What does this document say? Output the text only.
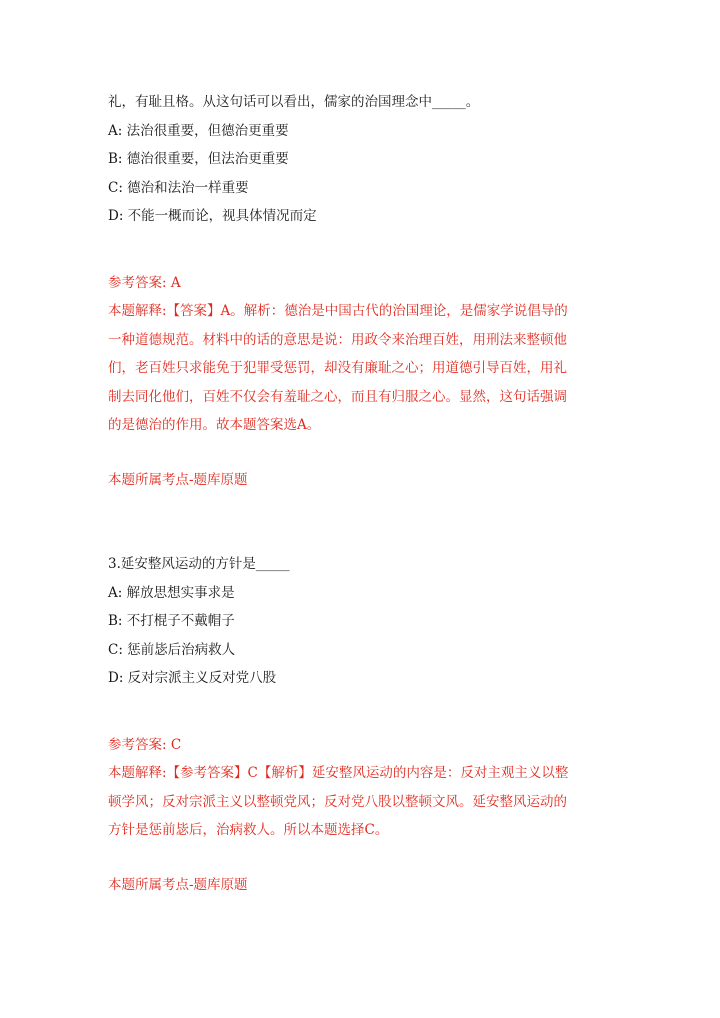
礼，有耻且格。从这句话可以看出，儒家的治国理念中_____。
A: 法治很重要，但德治更重要
B: 德治很重要，但法治更重要
C: 德治和法治一样重要
D: 不能一概而论，视具体情况而定
参考答案: A

本题解释:【答案】A。解析：德治是中国古代的治国理论，是儒家学说倡导的

一种道德规范。材料中的话的意思是说：用政令来治理百姓，用刑法来整顿他

们，老百姓只求能免于犯罪受惩罚，却没有廉耻之心；用道德引导百姓，用礼

制去同化他们，百姓不仅会有羞耻之心，而且有归服之心。显然，这句话强调

的是德治的作用。故本题答案选A。

本题所属考点-题库原题
3.延安整风运动的方针是_____
A: 解放思想实事求是
B: 不打棍子不戴帽子
C: 惩前毖后治病救人
D: 反对宗派主义反对党八股
参考答案: C

本题解释:【参考答案】C【解析】延安整风运动的内容是：反对主观主义以整

顿学风；反对宗派主义以整顿党风；反对党八股以整顿文风。延安整风运动的

方针是惩前毖后，治病救人。所以本题选择C。

本题所属考点-题库原题
